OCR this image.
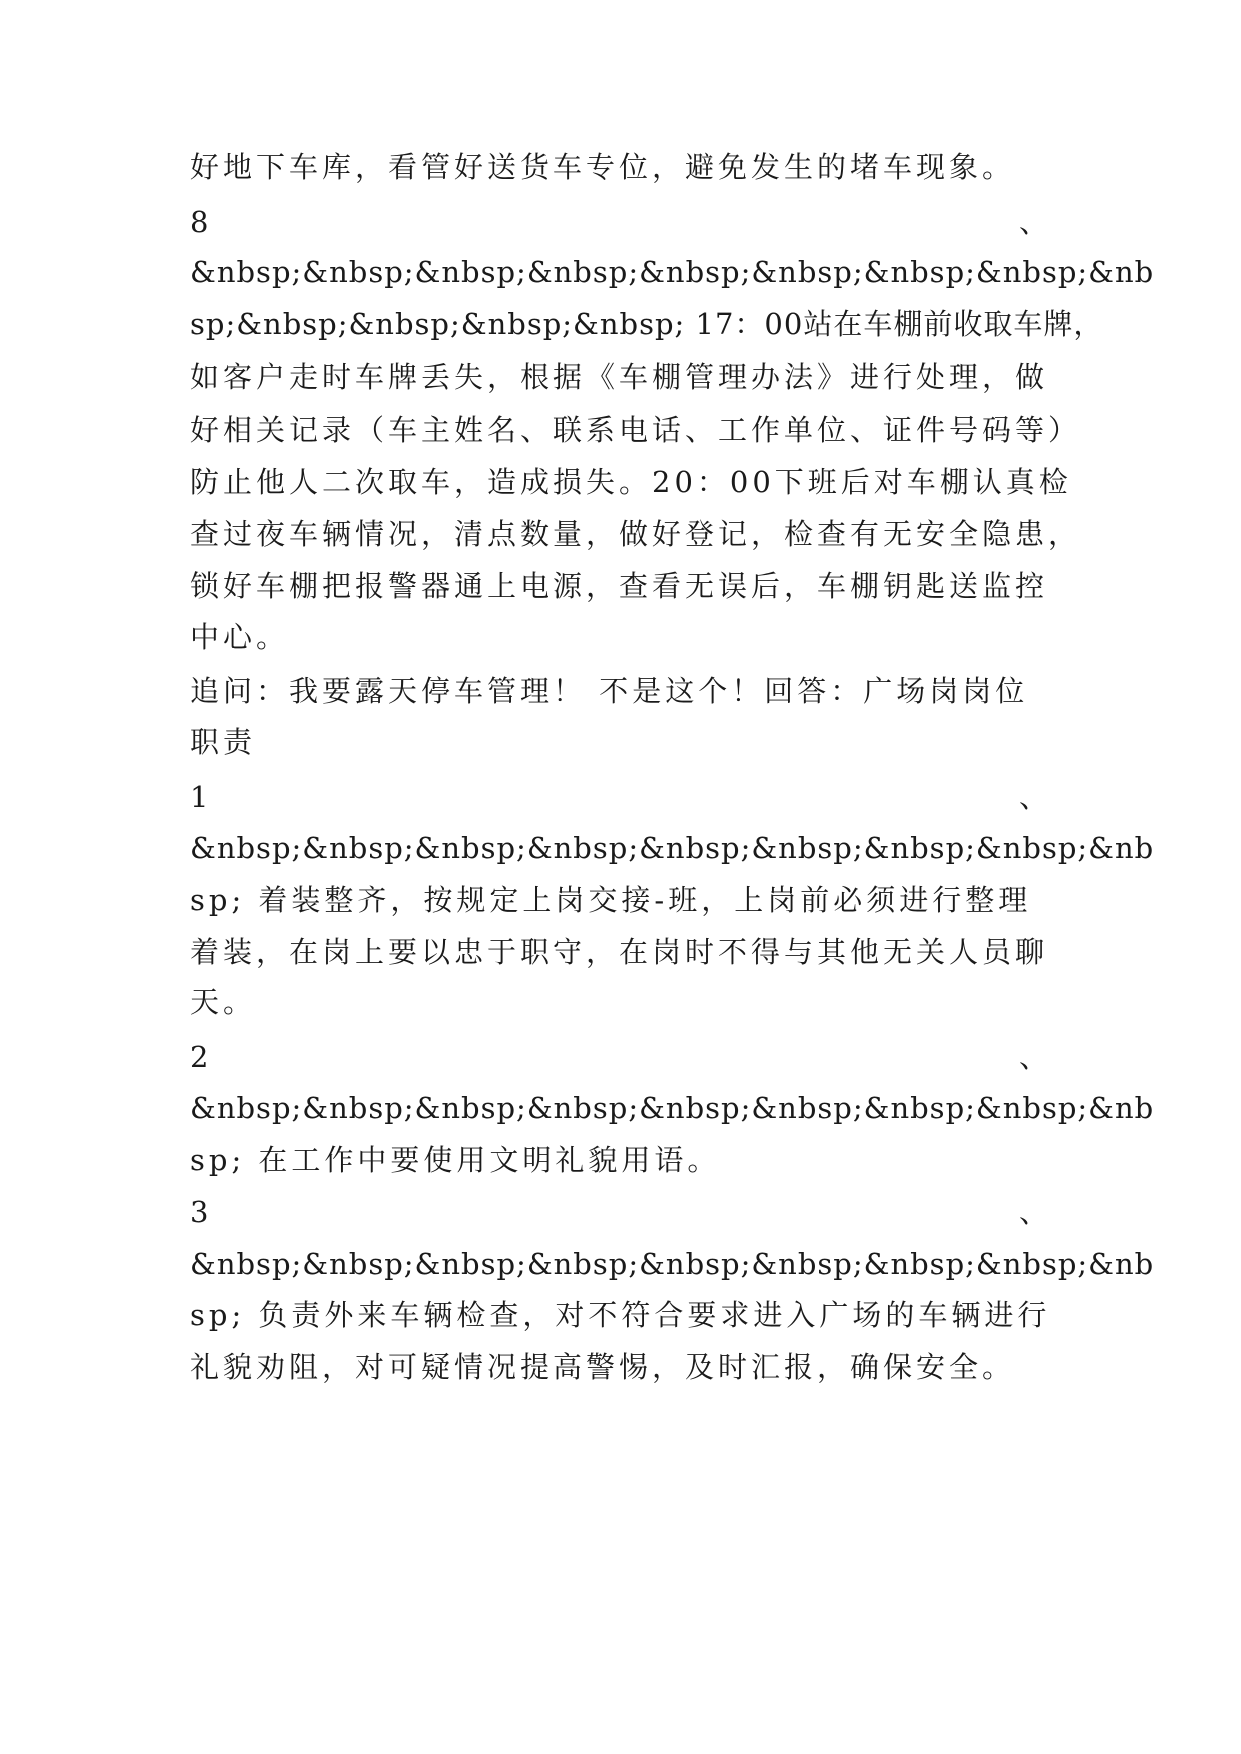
好地下车库，看管好送货车专位，避免发生的堵车现象。
8	、
&nbsp;&nbsp;&nbsp;&nbsp;&nbsp;&nbsp;&nbsp;&nbsp;&nb
sp;&nbsp;&nbsp;&nbsp;&nbsp; 17：00站在车棚前收取车牌，
如客户走时车牌丢失，根据《车棚管理办法》进行处理，做
好相关记录（车主姓名、联系电话、工作单位、证件号码等）
防止他人二次取车，造成损失。20：00下班后对车棚认真检
查过夜车辆情况，清点数量，做好登记，检查有无安全隐患，
锁好车棚把报警器通上电源，查看无误后，车棚钥匙送监控
中心。
追问：我要露天停车管理！ 不是这个！回答：广场岗岗位
职责
1	、
&nbsp;&nbsp;&nbsp;&nbsp;&nbsp;&nbsp;&nbsp;&nbsp;&nb
sp; 着装整齐，按规定上岗交接-班，上岗前必须进行整理
着装，在岗上要以忠于职守，在岗时不得与其他无关人员聊
天。
2	、
&nbsp;&nbsp;&nbsp;&nbsp;&nbsp;&nbsp;&nbsp;&nbsp;&nb
sp; 在工作中要使用文明礼貌用语。
3	、
&nbsp;&nbsp;&nbsp;&nbsp;&nbsp;&nbsp;&nbsp;&nbsp;&nb
sp; 负责外来车辆检查，对不符合要求进入广场的车辆进行
礼貌劝阻，对可疑情况提高警惕，及时汇报，确保安全。
